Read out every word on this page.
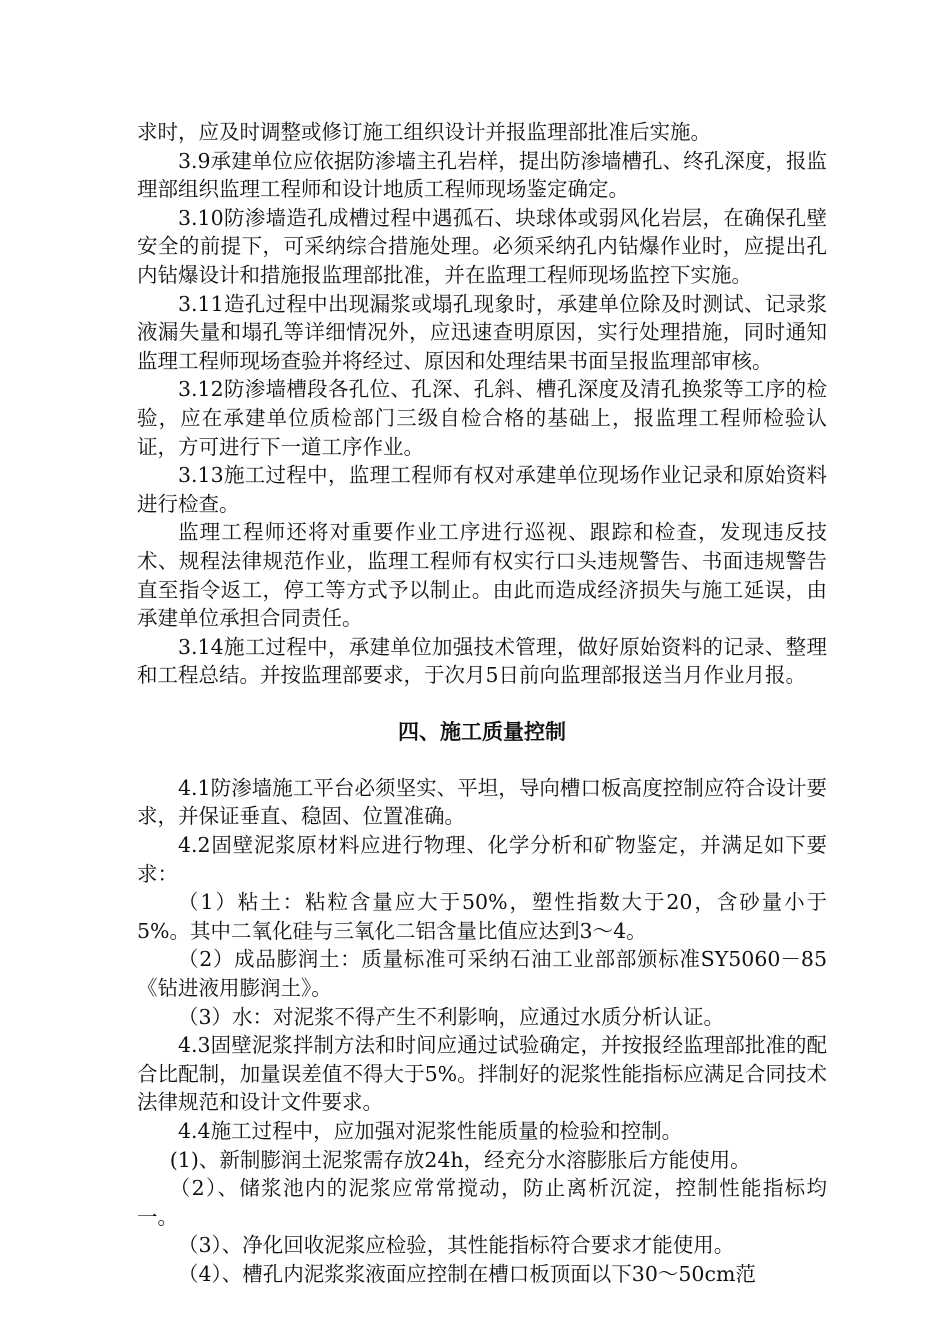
求时，应及时调整或修订施工组织设计并报监理部批准后实施。

3.9承建单位应依据防渗墙主孔岩样，提出防渗墙槽孔、终孔深度，报监理部组织监理工程师和设计地质工程师现场鉴定确定。

3.10防渗墙造孔成槽过程中遇孤石、块球体或弱风化岩层，在确保孔壁安全的前提下，可采纳综合措施处理。必须采纳孔内钻爆作业时，应提出孔内钻爆设计和措施报监理部批准，并在监理工程师现场监控下实施。

3.11造孔过程中出现漏浆或塌孔现象时，承建单位除及时测试、记录浆液漏失量和塌孔等详细情况外，应迅速查明原因，实行处理措施，同时通知监理工程师现场查验并将经过、原因和处理结果书面呈报监理部审核。

3.12防渗墙槽段各孔位、孔深、孔斜、槽孔深度及清孔换浆等工序的检验，应在承建单位质检部门三级自检合格的基础上，报监理工程师检验认证，方可进行下一道工序作业。

3.13施工过程中，监理工程师有权对承建单位现场作业记录和原始资料进行检查。

监理工程师还将对重要作业工序进行巡视、跟踪和检查，发现违反技术、规程法律规范作业，监理工程师有权实行口头违规警告、书面违规警告直至指令返工，停工等方式予以制止。由此而造成经济损失与施工延误，由承建单位承担合同责任。

3.14施工过程中，承建单位加强技术管理，做好原始资料的记录、整理和工程总结。并按监理部要求，于次月5日前向监理部报送当月作业月报。

四、施工质量控制

4.1防渗墙施工平台必须坚实、平坦，导向槽口板高度控制应符合设计要求，并保证垂直、稳固、位置准确。

4.2固壁泥浆原材料应进行物理、化学分析和矿物鉴定，并满足如下要求：

（1）粘土：粘粒含量应大于50%，塑性指数大于20，含砂量小于5%。其中二氧化硅与三氧化二铝含量比值应达到3～4。

（2）成品膨润土：质量标准可采纳石油工业部部颁标准SY5060－85《钻进液用膨润土》。

（3）水：对泥浆不得产生不利影响，应通过水质分析认证。

4.3固壁泥浆拌制方法和时间应通过试验确定，并按报经监理部批准的配合比配制，加量误差值不得大于5%。拌制好的泥浆性能指标应满足合同技术法律规范和设计文件要求。

4.4施工过程中，应加强对泥浆性能质量的检验和控制。

(1)、新制膨润土泥浆需存放24h，经充分水溶膨胀后方能使用。

（2）、储浆池内的泥浆应常常搅动，防止离析沉淀，控制性能指标均一。

（3）、净化回收泥浆应检验，其性能指标符合要求才能使用。

（4）、槽孔内泥浆浆液面应控制在槽口板顶面以下30～50cm范
